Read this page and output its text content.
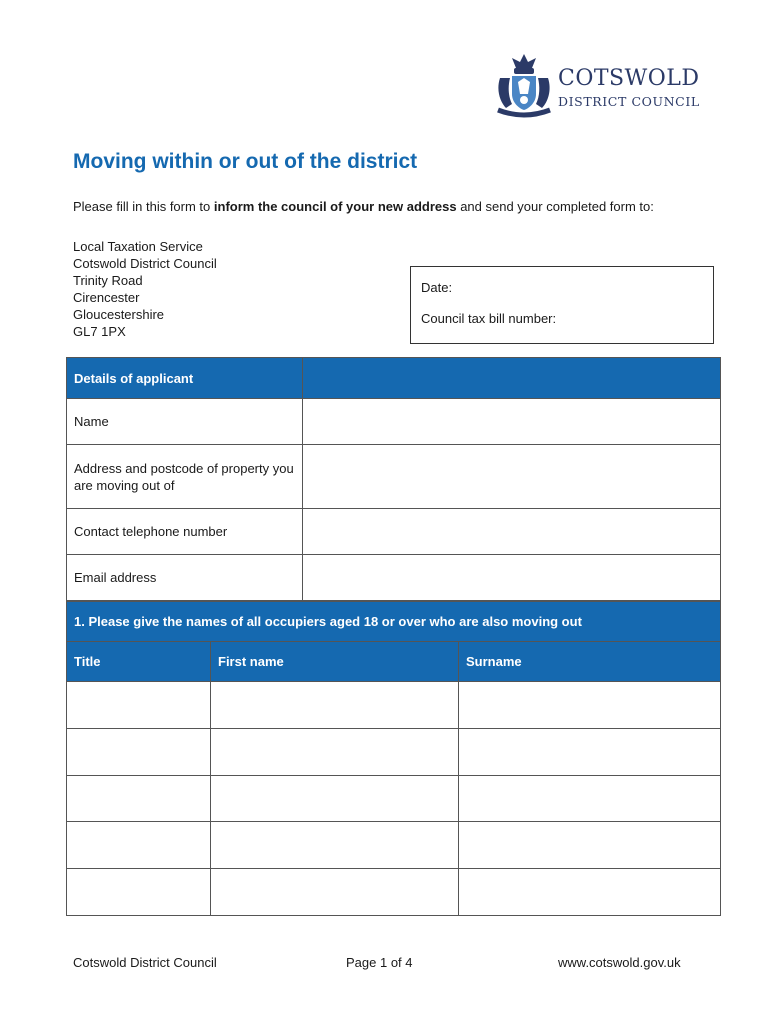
COTSWOLD
DISTRICT COUNCIL
Moving within or out of the district

Please fill in this form to inform the council of your new address and send your completed form to:

Local Taxation Service
Cotswold District Council
Trinity Road
Cirencester
Gloucestershire
GL7 1PX
Date:
Council tax bill number:
Details of applicant	
Name	
Address and postcode of property you are moving out of	
Contact telephone number	
Email address	
1. Please give the names of all occupiers aged 18 or over who are also moving out
Title	First name	Surname

Cotswold District Council	Page 1 of 4	www.cotswold.gov.uk
